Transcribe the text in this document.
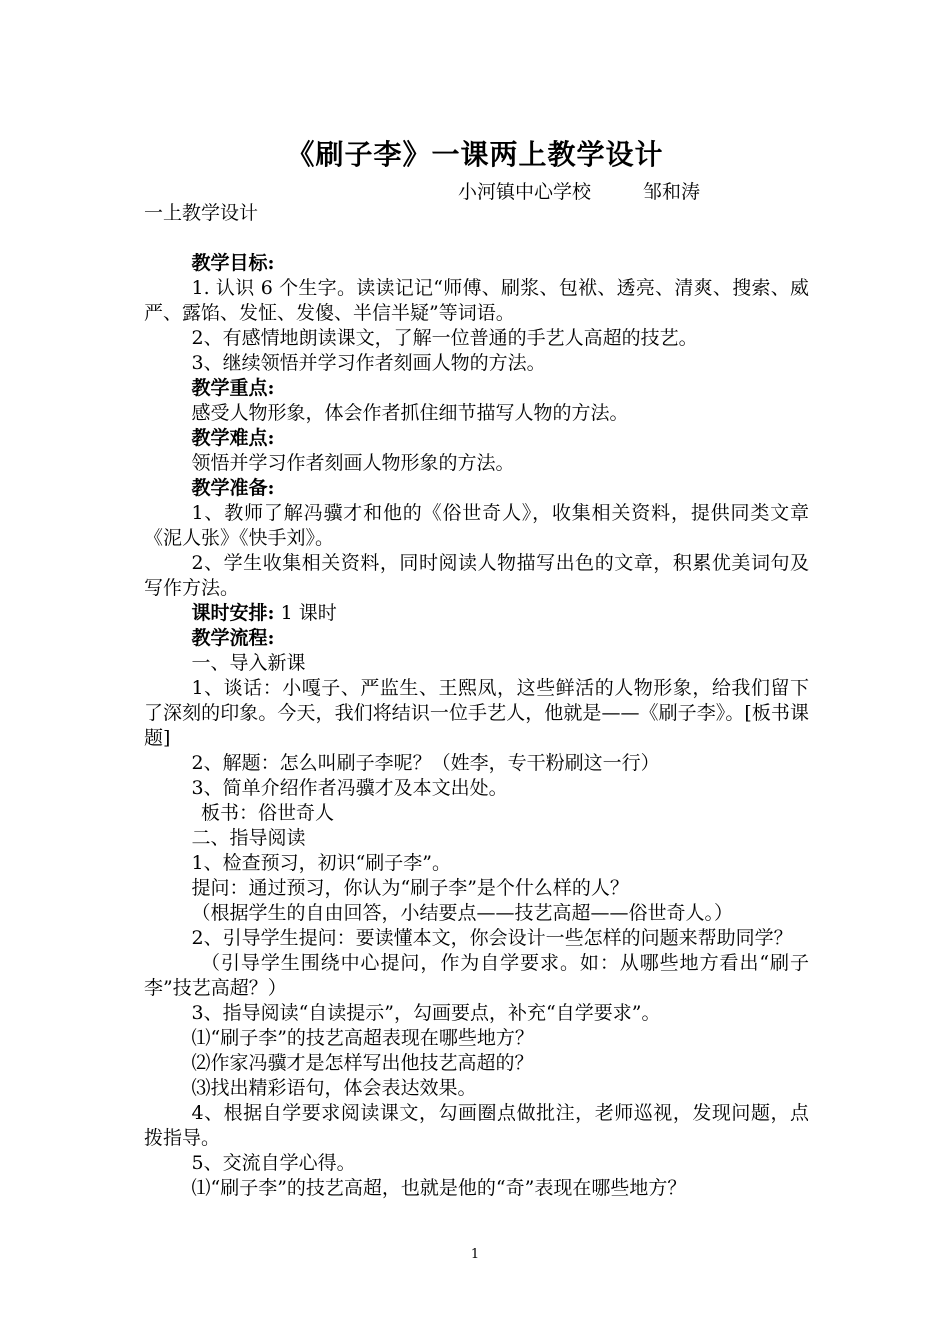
《刷子李》一课两上教学设计
小河镇中心学校	邹和涛

一上教学设计

教学目标:

1. 认识 6 个生字。读读记记“师傅、刷浆、包袱、透亮、清爽、搜索、威严、露馅、发怔、发傻、半信半疑”等词语。

2、有感情地朗读课文，了解一位普通的手艺人高超的技艺。

3、继续领悟并学习作者刻画人物的方法。

教学重点:

感受人物形象，体会作者抓住细节描写人物的方法。

教学难点:

领悟并学习作者刻画人物形象的方法。

教学准备:

1、教师了解冯骥才和他的《俗世奇人》，收集相关资料，提供同类文章《泥人张》《快手刘》。

2、学生收集相关资料，同时阅读人物描写出色的文章，积累优美词句及写作方法。

课时安排: 1 课时

教学流程:

一、导入新课

1、谈话：小嘎子、严监生、王熙凤，这些鲜活的人物形象，给我们留下了深刻的印象。今天，我们将结识一位手艺人，他就是——《刷子李》。[板书课题]

2、解题：怎么叫刷子李呢？（姓李，专干粉刷这一行）

3、简单介绍作者冯骥才及本文出处。

板书：俗世奇人

二、指导阅读

1、检查预习，初识“刷子李”。

提问：通过预习，你认为“刷子李”是个什么样的人？

（根据学生的自由回答，小结要点——技艺高超——俗世奇人。）

2、引导学生提问：要读懂本文，你会设计一些怎样的问题来帮助同学？

（引导学生围绕中心提问，作为自学要求。如：从哪些地方看出“刷子李”技艺高超？）

3、指导阅读“自读提示”，勾画要点，补充“自学要求”。

⑴“刷子李”的技艺高超表现在哪些地方？

⑵作家冯骥才是怎样写出他技艺高超的？

⑶找出精彩语句，体会表达效果。

4、根据自学要求阅读课文，勾画圈点做批注，老师巡视，发现问题，点拨指导。

5、交流自学心得。

⑴“刷子李”的技艺高超，也就是他的“奇”表现在哪些地方？

1
